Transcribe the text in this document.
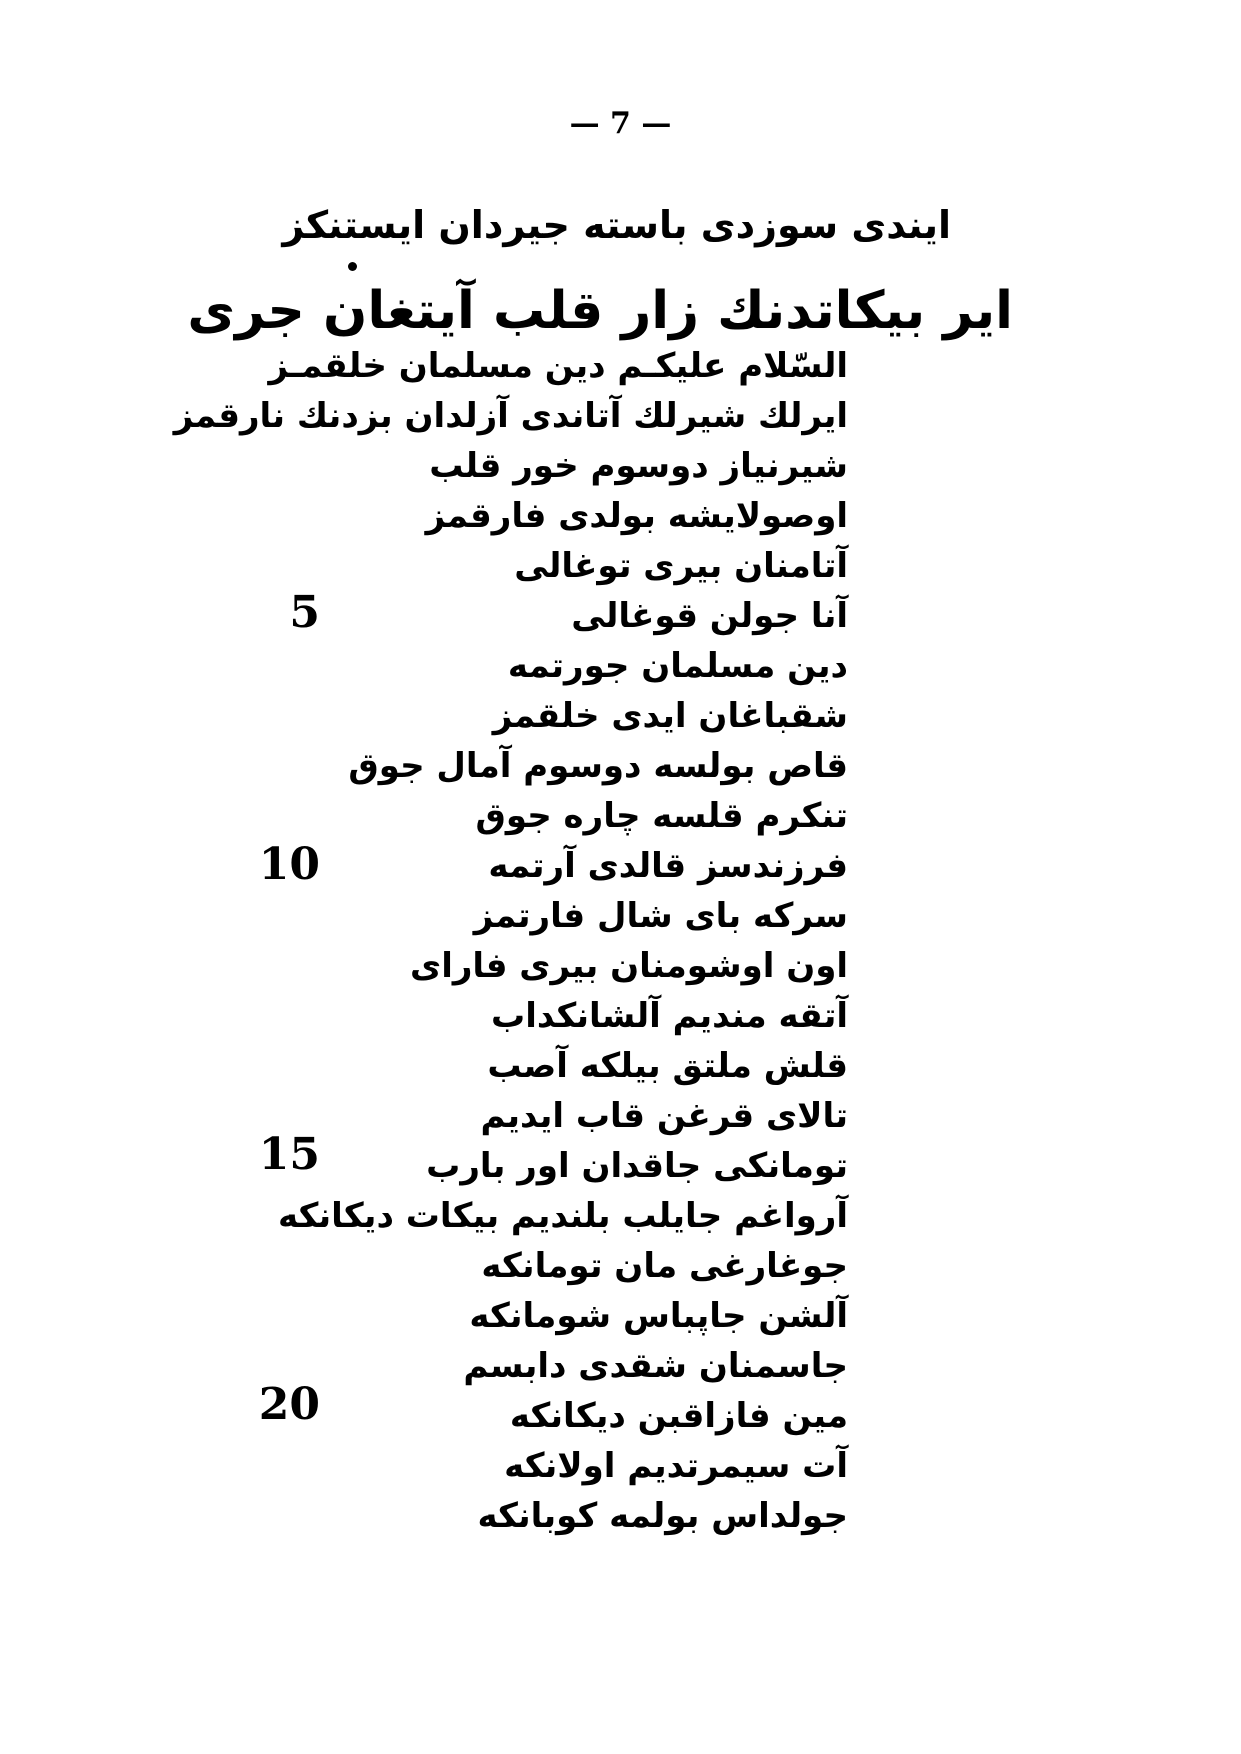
— 7 —
ایندی سوزدی باسته جیردان ایستنکز
ایر بیکاتدنك زار قلب آیتغان جری
السّلام علیکـم دین مسلمان خلقمـز
ایرلك شیرلك آتاندی آزلدان بزدنك نارقمز
شیرنیاز دوسوم خور قلب
اوصولایشه بولدی فارقمز
آتامنان بیری توغالی
آنا جولن قوغالی
دین مسلمان جورتمه
شقباغان ایدی خلقمز
قاص بولسه دوسوم آمال جوق
تنکرم قلسه چاره جوق
فرزندسز قالدی آرتمه
سرکه بای شال فارتمز
اون اوشومنان بیری فارای
آتقه مندیم آلشانکداب
قلش ملتق بیلکه آصب
تالای قرغن قاب ایدیم
تومانکی جاقدان اور بارب
آرواغم جایلب بلندیم بیکات دیکانکه
جوغارغی مان تومانکه
آلشن جاپباس شومانکه
جاسمنان شقدی دابسم
مین فازاقبن دیکانکه
آت سیمرتدیم اولانکه
جولداس بولمه کوبانکه
5
10
15
20
